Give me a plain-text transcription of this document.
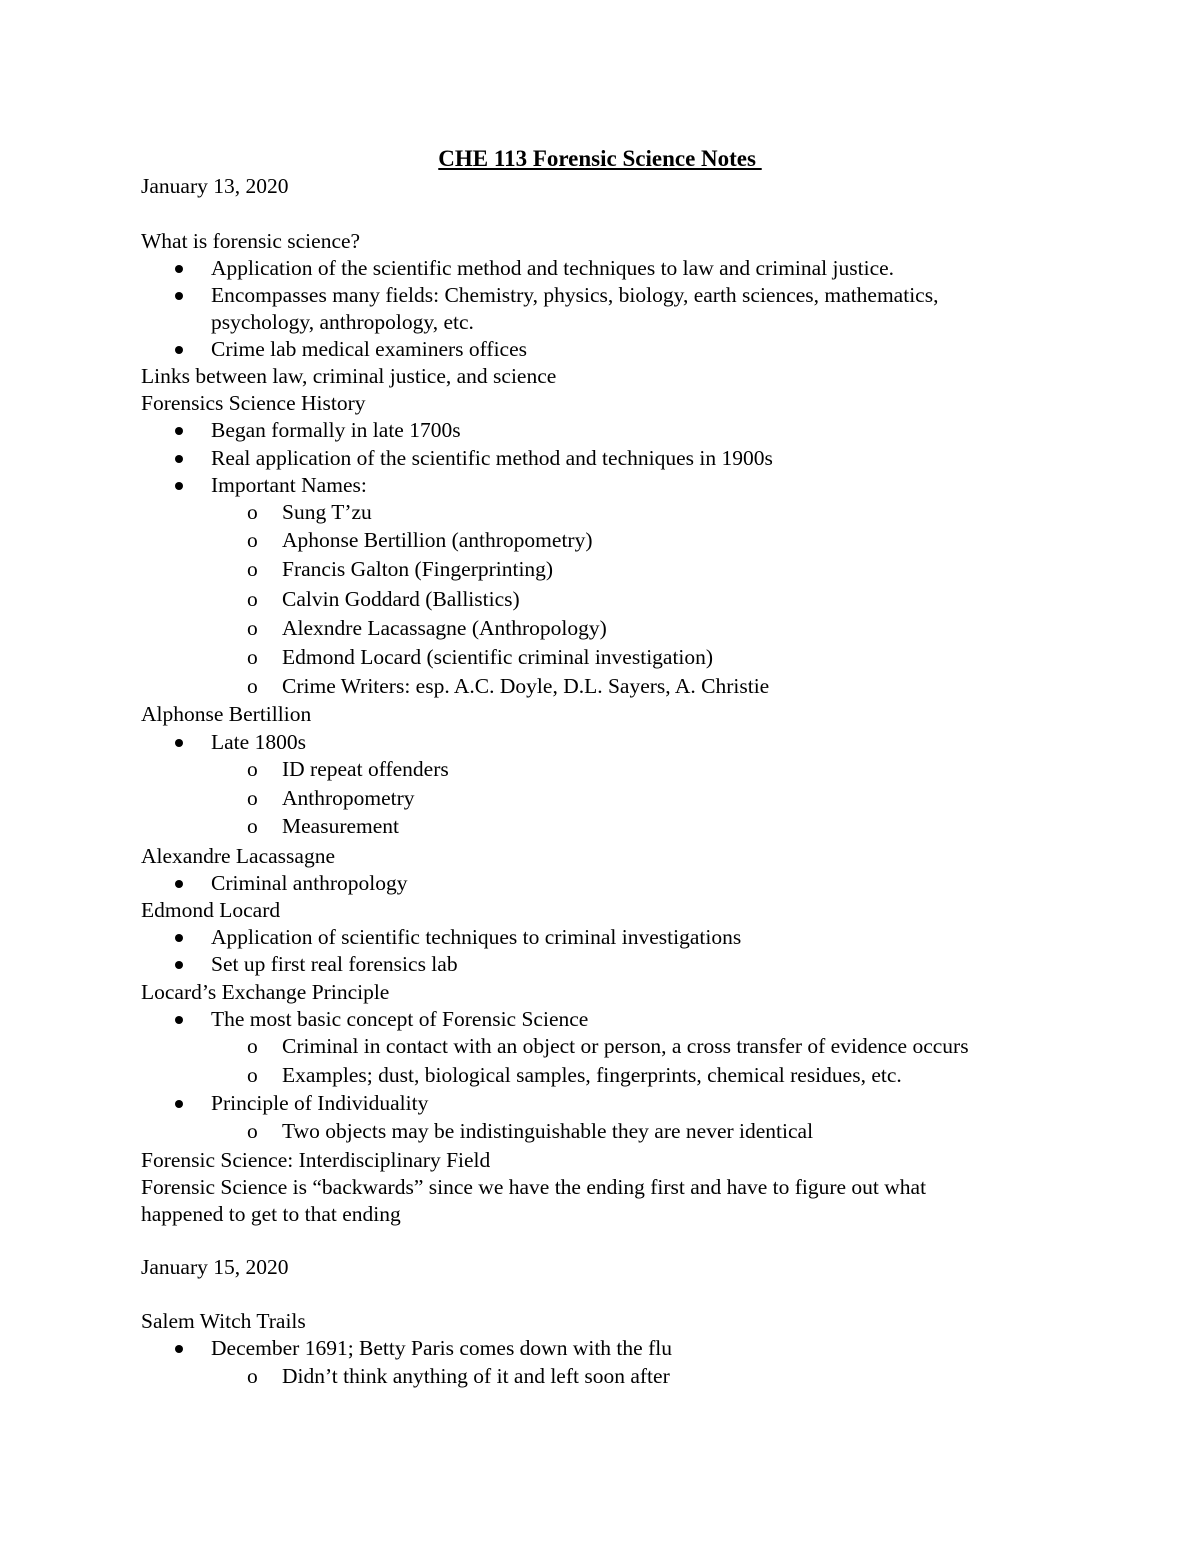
CHE 113 Forensic Science Notes
January 13, 2020
What is forensic science?
Application of the scientific method and techniques to law and criminal justice.
Encompasses many fields: Chemistry, physics, biology, earth sciences, mathematics,
psychology, anthropology, etc.
Crime lab medical examiners offices
Links between law, criminal justice, and science
Forensics Science History
Began formally in late 1700s
Real application of the scientific method and techniques in 1900s
Important Names:
Sung T’zu
o
Aphonse Bertillion (anthropometry)
o
Francis Galton (Fingerprinting)
o
Calvin Goddard (Ballistics)
o
Alexndre Lacassagne (Anthropology)
o
Edmond Locard (scientific criminal investigation)
o
Crime Writers: esp. A.C. Doyle, D.L. Sayers, A. Christie
o
Alphonse Bertillion
Late 1800s
ID repeat offenders
o
Anthropometry
o
Measurement
o
Alexandre Lacassagne
Criminal anthropology
Edmond Locard
Application of scientific techniques to criminal investigations
Set up first real forensics lab
Locard’s Exchange Principle
The most basic concept of Forensic Science
Criminal in contact with an object or person, a cross transfer of evidence occurs
o
Examples; dust, biological samples, fingerprints, chemical residues, etc.
o
Principle of Individuality
Two objects may be indistinguishable they are never identical
o
Forensic Science: Interdisciplinary Field
Forensic Science is “backwards” since we have the ending first and have to figure out what
happened to get to that ending
January 15, 2020
Salem Witch Trails
December 1691; Betty Paris comes down with the flu
Didn’t think anything of it and left soon after
o
